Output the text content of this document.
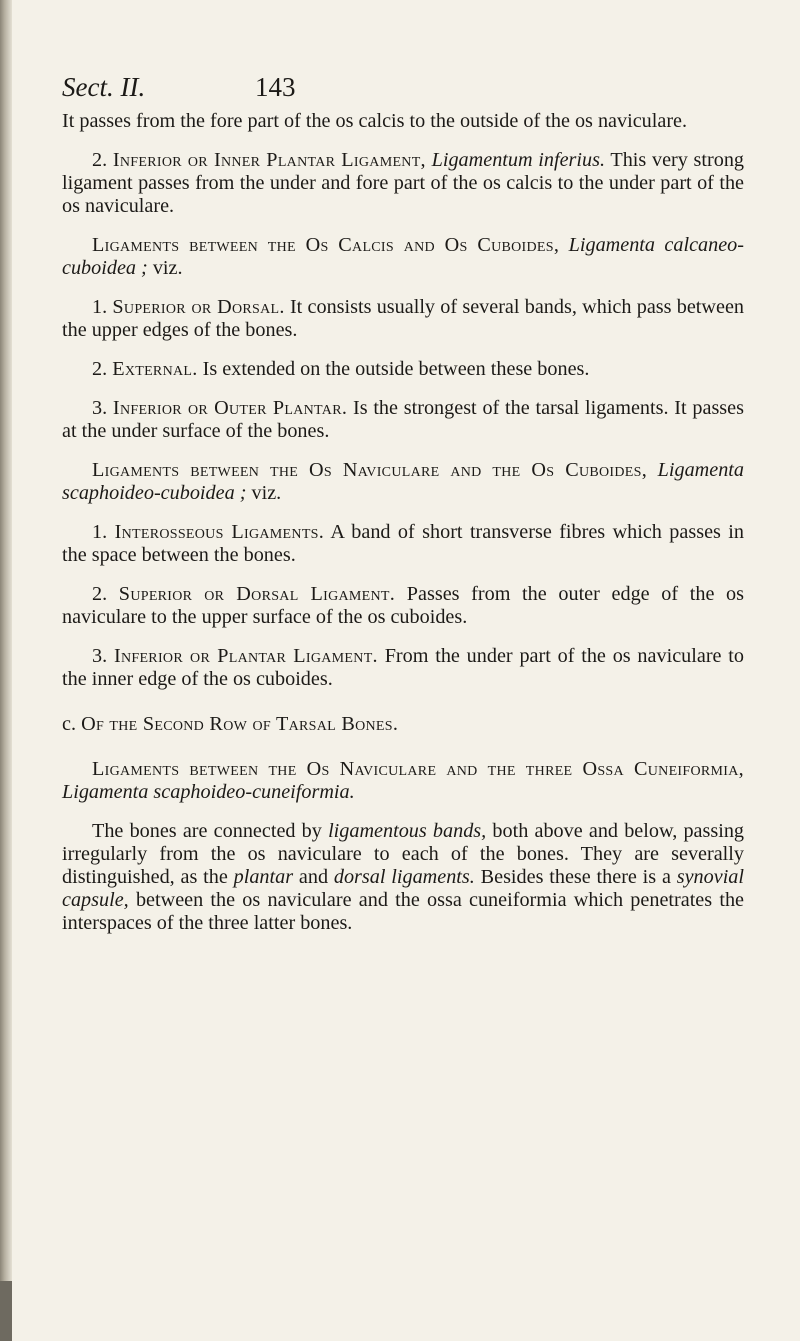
Sect. II.	143

It passes from the fore part of the os calcis to the outside of the os naviculare.

2. Inferior or Inner Plantar Ligament, Ligamentum inferius. This very strong ligament passes from the under and fore part of the os calcis to the under part of the os naviculare.

Ligaments between the Os Calcis and Os Cuboides, Ligamenta calcaneo-cuboidea ; viz.

1. Superior or Dorsal. It consists usually of several bands, which pass between the upper edges of the bones.

2. External. Is extended on the outside between these bones.

3. Inferior or Outer Plantar. Is the strongest of the tarsal ligaments. It passes at the under surface of the bones.

Ligaments between the Os Naviculare and the Os Cuboides, Ligamenta scaphoideo-cuboidea ; viz.

1. Interosseous Ligaments. A band of short transverse fibres which passes in the space between the bones.

2. Superior or Dorsal Ligament. Passes from the outer edge of the os naviculare to the upper surface of the os cuboides.

3. Inferior or Plantar Ligament. From the under part of the os naviculare to the inner edge of the os cuboides.

c. Of the Second Row of Tarsal Bones.

Ligaments between the Os Naviculare and the three Ossa Cuneiformia, Ligamenta scaphoideo-cuneiformia.

The bones are connected by ligamentous bands, both above and below, passing irregularly from the os naviculare to each of the bones. They are severally distinguished, as the plantar and dorsal ligaments. Besides these there is a synovial capsule, between the os naviculare and the ossa cuneiformia which penetrates the interspaces of the three latter bones.
